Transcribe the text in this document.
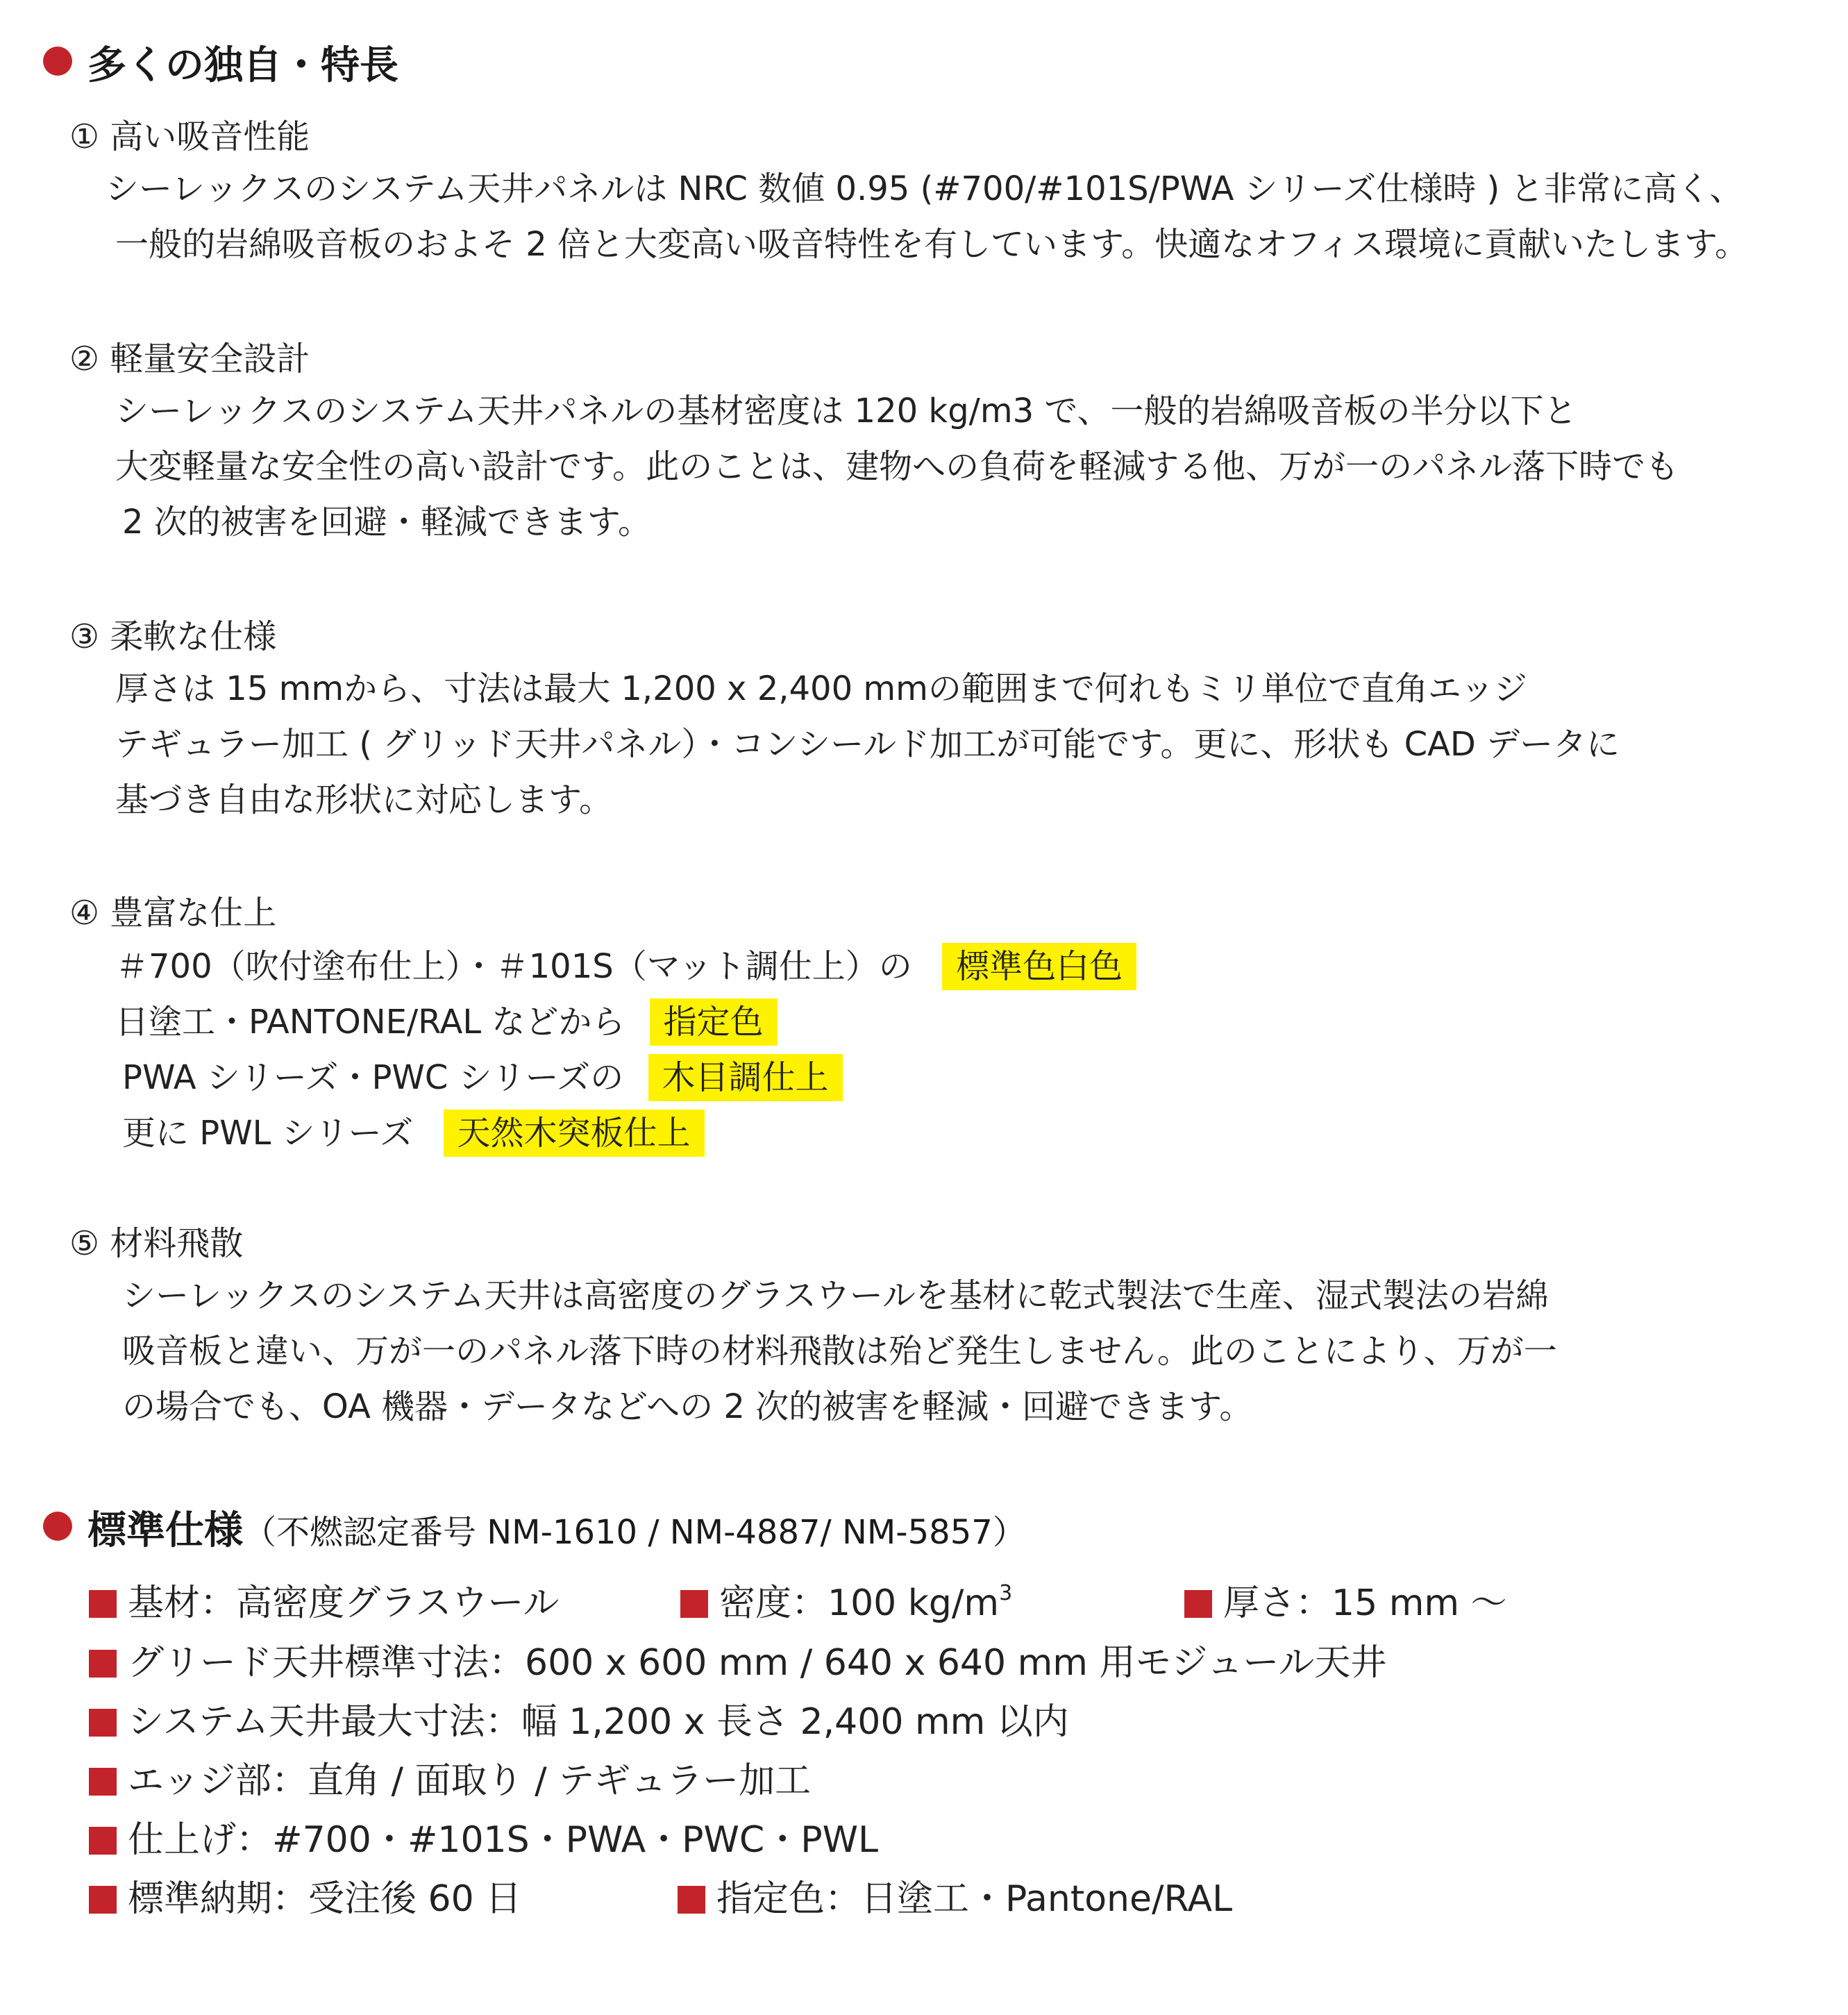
多くの独自・特長
① 高い吸音性能
シーレックスのシステム天井パネルは NRC 数値 0.95 (#700/#101S/PWA シリーズ仕様時 ) と非常に高く、
一般的岩綿吸音板のおよそ 2 倍と大変高い吸音特性を有しています。快適なオフィス環境に貢献いたします。
② 軽量安全設計
シーレックスのシステム天井パネルの基材密度は 120 kg/m3 で、一般的岩綿吸音板の半分以下と
大変軽量な安全性の高い設計です。此のことは、建物への負荷を軽減する他、万が一のパネル落下時でも
2 次的被害を回避・軽減できます。
③ 柔軟な仕様
厚さは 15 mmから、寸法は最大 1,200 x 2,400 mmの範囲まで何れもミリ単位で直角エッジ
テギュラー加工 ( グリッド天井パネル）・コンシールド加工が可能です。更に、形状も CAD データに
基づき自由な形状に対応します。
④ 豊富な仕上
＃700（吹付塗布仕上）・＃101S（マット調仕上）の 標準色白色
日塗工・PANTONE/RAL などから 指定色
PWA シリーズ・PWC シリーズの 木目調仕上
更に PWL シリーズ 天然木突板仕上
⑤ 材料飛散
シーレックスのシステム天井は高密度のグラスウールを基材に乾式製法で生産、湿式製法の岩綿
吸音板と違い、万が一のパネル落下時の材料飛散は殆ど発生しません。此のことにより、万が一
の場合でも、OA 機器・データなどへの 2 次的被害を軽減・回避できます。
標準仕様（不燃認定番号 NM-1610 / NM-4887/ NM-5857）
基材：高密度グラスウール	密度：100 $kg/m^3$	厚さ：15 mm 〜
グリード天井標準寸法：600 x 600 mm / 640 x 640 mm 用モジュール天井
システム天井最大寸法：幅 1,200 x 長さ 2,400 mm 以内
エッジ部：直角 / 面取り / テギュラー加工
仕上げ：#700・#101S・PWA・PWC・PWL
標準納期：受注後 60 日	指定色：日塗工・Pantone/RAL
